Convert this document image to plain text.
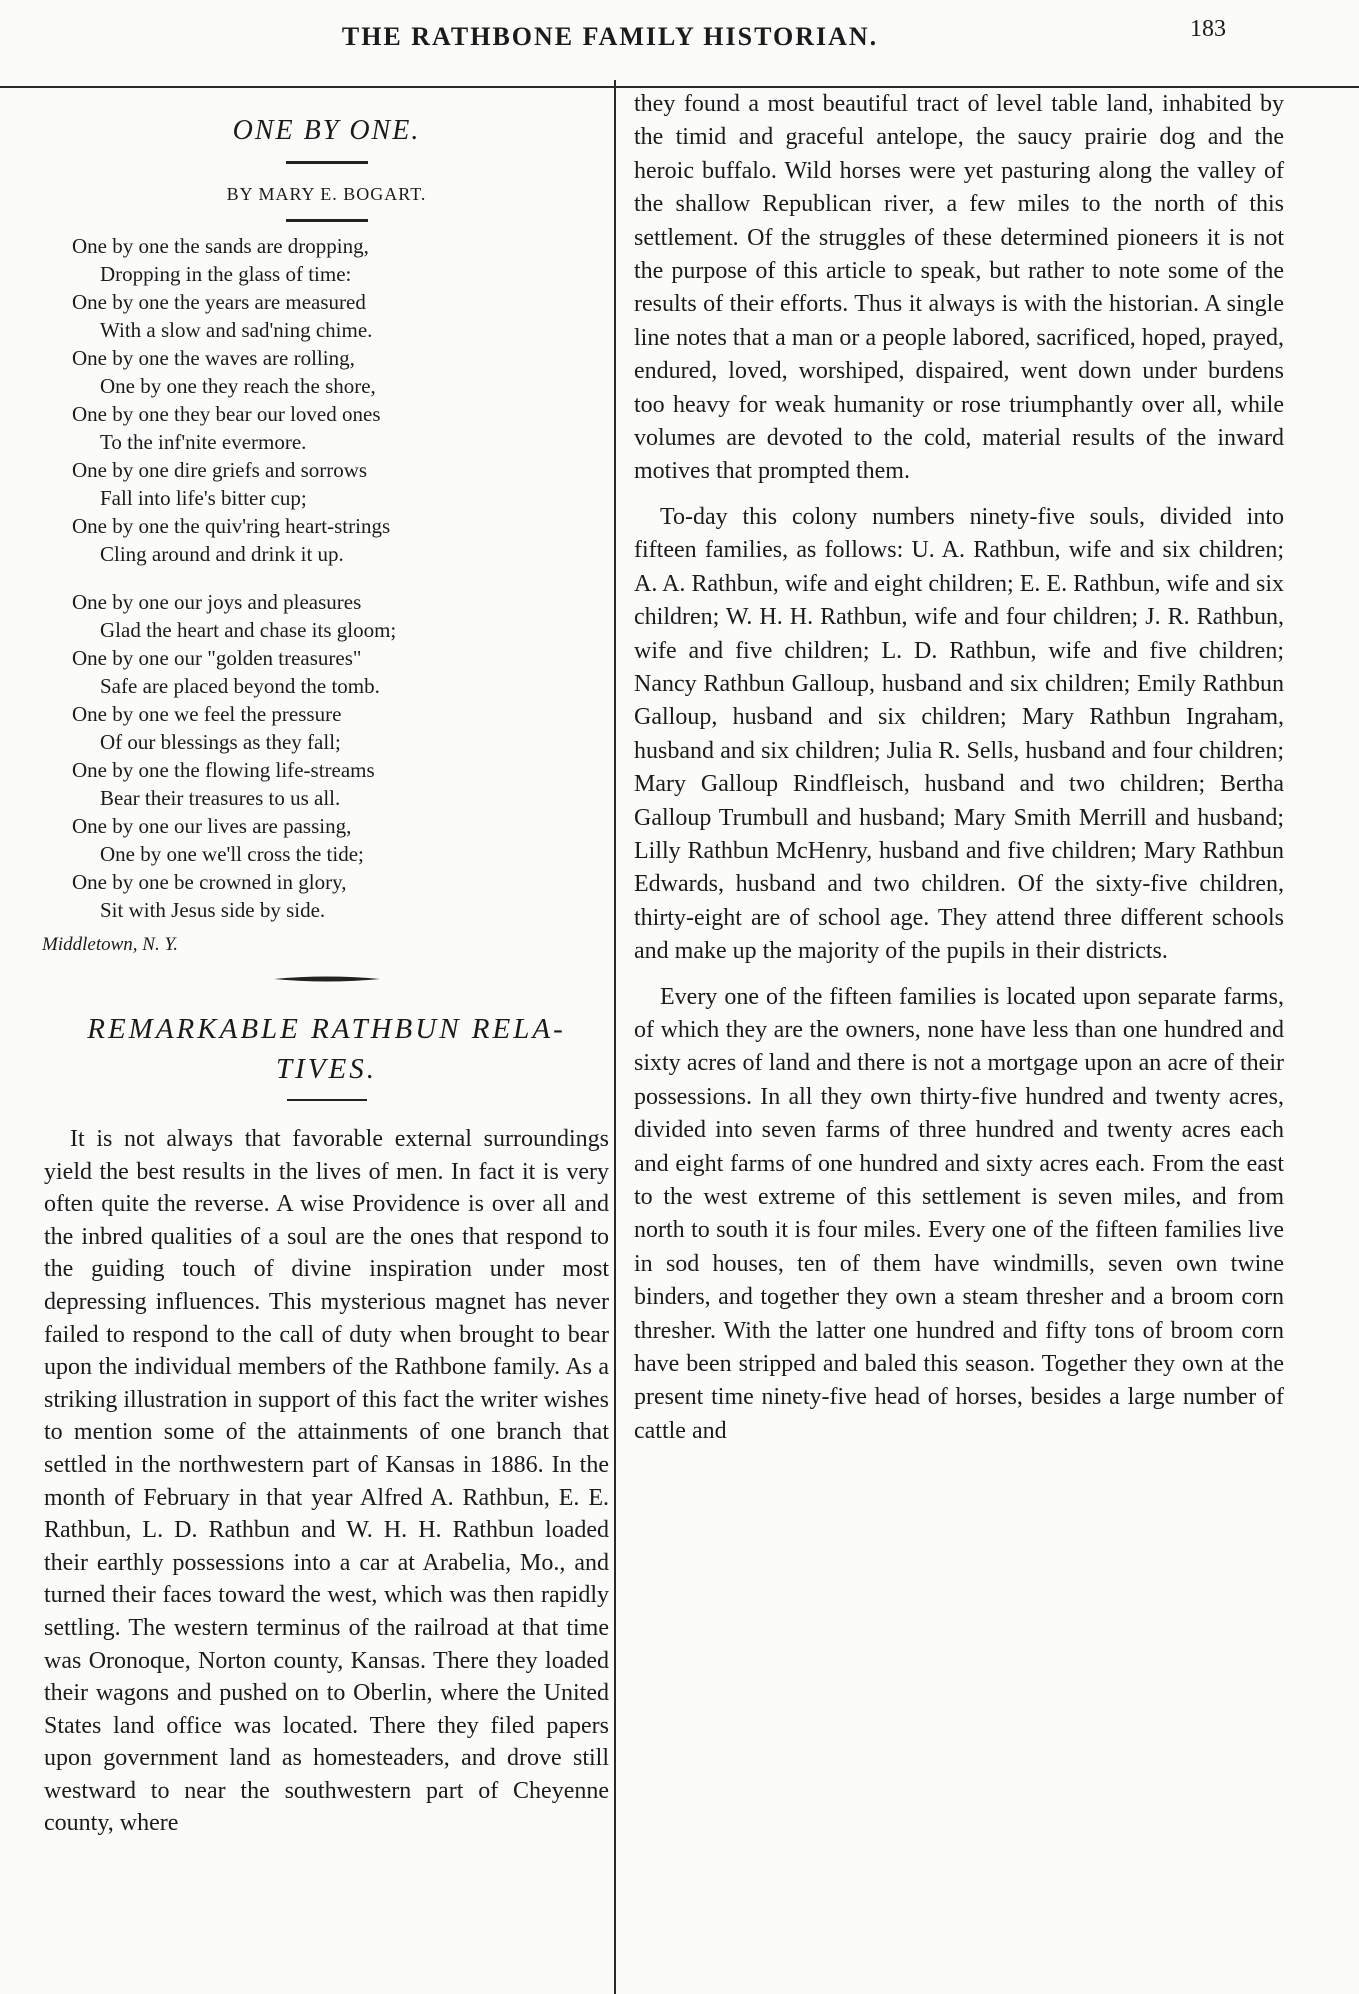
THE RATHBONE FAMILY HISTORIAN.	183
ONE BY ONE.
BY MARY E. BOGART.
One by one the sands are dropping,
Dropping in the glass of time:
One by one the years are measured
With a slow and sad'ning chime.
One by one the waves are rolling,
One by one they reach the shore,
One by one they bear our loved ones
To the inf'nite evermore.
One by one dire griefs and sorrows
Fall into life's bitter cup;
One by one the quiv'ring heart-strings
Cling around and drink it up.
One by one our joys and pleasures
Glad the heart and chase its gloom;
One by one our "golden treasures"
Safe are placed beyond the tomb.
One by one we feel the pressure
Of our blessings as they fall;
One by one the flowing life-streams
Bear their treasures to us all.
One by one our lives are passing,
One by one we'll cross the tide;
One by one be crowned in glory,
Sit with Jesus side by side.
Middletown, N. Y.
REMARKABLE RATHBUN RELA-
TIVES.

It is not always that favorable external surroundings yield the best results in the lives of men. In fact it is very often quite the reverse. A wise Providence is over all and the inbred qualities of a soul are the ones that respond to the guiding touch of divine inspiration under most depressing influences. This mysterious magnet has never failed to respond to the call of duty when brought to bear upon the individual members of the Rathbone family. As a striking illustration in support of this fact the writer wishes to mention some of the attainments of one branch that settled in the northwestern part of Kansas in 1886. In the month of February in that year Alfred A. Rathbun, E. E. Rathbun, L. D. Rathbun and W. H. H. Rathbun loaded their earthly possessions into a car at Arabelia, Mo., and turned their faces toward the west, which was then rapidly settling. The western terminus of the railroad at that time was Oronoque, Norton county, Kansas. There they loaded their wagons and pushed on to Oberlin, where the United States land office was located. There they filed papers upon government land as homesteaders, and drove still westward to near the southwestern part of Cheyenne county, where

they found a most beautiful tract of level table land, inhabited by the timid and graceful antelope, the saucy prairie dog and the heroic buffalo. Wild horses were yet pasturing along the valley of the shallow Republican river, a few miles to the north of this settlement. Of the struggles of these determined pioneers it is not the purpose of this article to speak, but rather to note some of the results of their efforts. Thus it always is with the historian. A single line notes that a man or a people labored, sacrificed, hoped, prayed, endured, loved, worshiped, dispaired, went down under burdens too heavy for weak humanity or rose triumphantly over all, while volumes are devoted to the cold, material results of the inward motives that prompted them.

To-day this colony numbers ninety-five souls, divided into fifteen families, as follows: U. A. Rathbun, wife and six children; A. A. Rathbun, wife and eight children; E. E. Rathbun, wife and six children; W. H. H. Rathbun, wife and four children; J. R. Rathbun, wife and five children; L. D. Rathbun, wife and five children; Nancy Rathbun Galloup, husband and six children; Emily Rathbun Galloup, husband and six children; Mary Rathbun Ingraham, husband and six children; Julia R. Sells, husband and four children; Mary Galloup Rindfleisch, husband and two children; Bertha Galloup Trumbull and husband; Mary Smith Merrill and husband; Lilly Rathbun McHenry, husband and five children; Mary Rathbun Edwards, husband and two children. Of the sixty-five children, thirty-eight are of school age. They attend three different schools and make up the majority of the pupils in their districts.

Every one of the fifteen families is located upon separate farms, of which they are the owners, none have less than one hundred and sixty acres of land and there is not a mortgage upon an acre of their possessions. In all they own thirty-five hundred and twenty acres, divided into seven farms of three hundred and twenty acres each and eight farms of one hundred and sixty acres each. From the east to the west extreme of this settlement is seven miles, and from north to south it is four miles. Every one of the fifteen families live in sod houses, ten of them have windmills, seven own twine binders, and together they own a steam thresher and a broom corn thresher. With the latter one hundred and fifty tons of broom corn have been stripped and baled this season. Together they own at the present time ninety-five head of horses, besides a large number of cattle and
